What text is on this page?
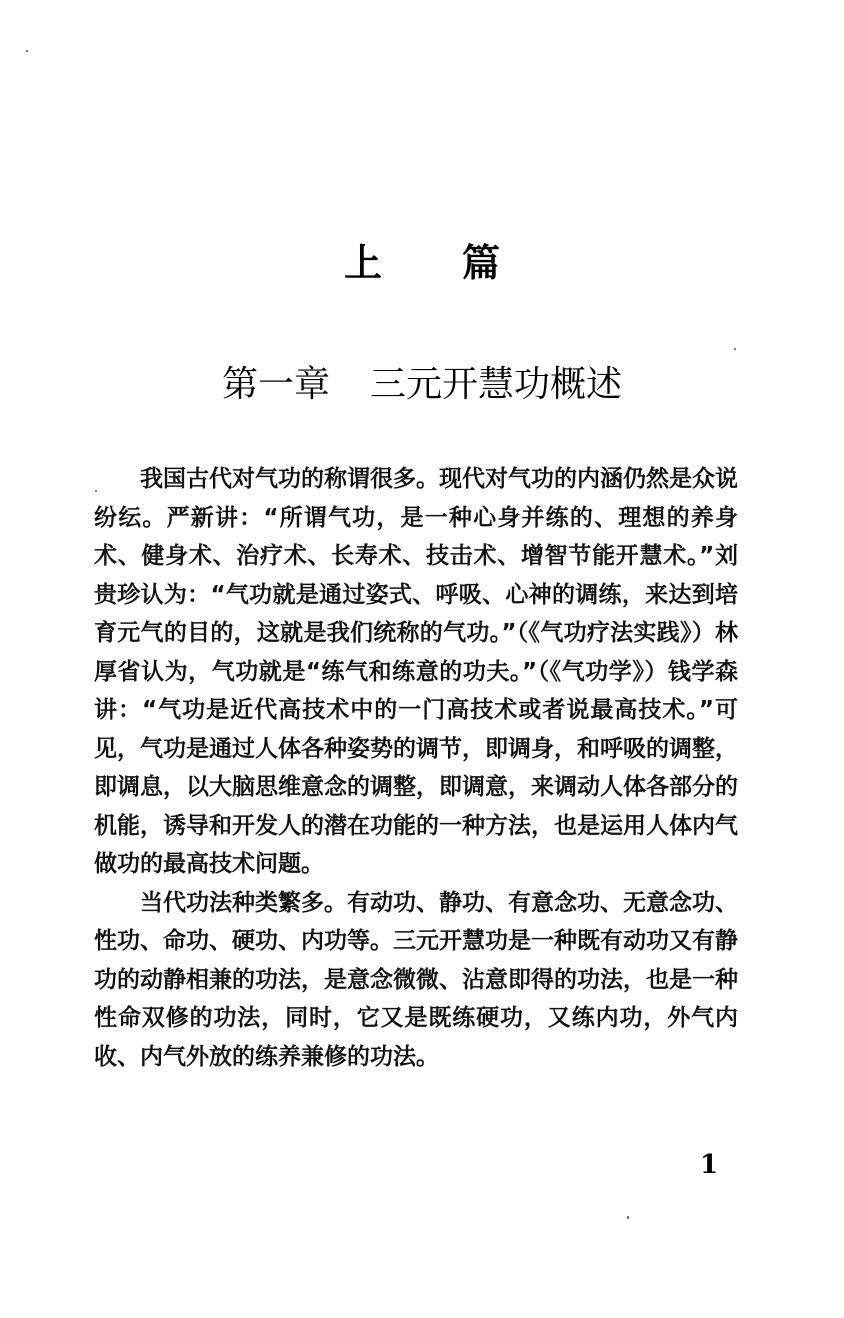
上篇
第一章 三元开慧功概述

我国古代对气功的称谓很多。现代对气功的内涵仍然是众说纷纭。严新讲：“所谓气功，是一种心身并练的、理想的养身术、健身术、治疗术、长寿术、技击术、增智节能开慧术。”刘贵珍认为：“气功就是通过姿式、呼吸、心神的调练，来达到培育元气的目的，这就是我们统称的气功。”（《气功疗法实践》）林厚省认为，气功就是“练气和练意的功夫。”（《气功学》）钱学森讲：“气功是近代高技术中的一门高技术或者说最高技术。”可见，气功是通过人体各种姿势的调节，即调身，和呼吸的调整，即调息，以大脑思维意念的调整，即调意，来调动人体各部分的机能，诱导和开发人的潜在功能的一种方法，也是运用人体内气做功的最高技术问题。

当代功法种类繁多。有动功、静功、有意念功、无意念功、性功、命功、硬功、内功等。三元开慧功是一种既有动功又有静功的动静相兼的功法，是意念微微、沾意即得的功法，也是一种性命双修的功法，同时，它又是既练硬功，又练内功，外气内收、内气外放的练养兼修的功法。

1
